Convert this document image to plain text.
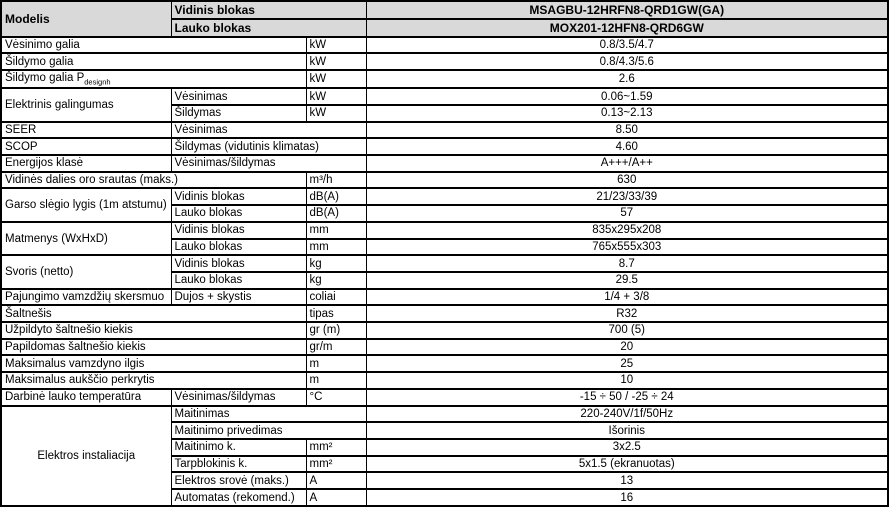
Modelis	Vidinis blokas		MSAGBU-12HRFN8-QRD1GW(GA)
	Lauko blokas		MOX201-12HFN8-QRD6GW
Vėsinimo galia		kW	0.8/3.5/4.7
Šildymo galia		kW	0.8/4.3/5.6
Šildymo galia $P_{designh}$		kW	2.6
Elektrinis galingumas	Vėsinimas	kW	0.06~1.59
	Šildymas	kW	0.13~2.13
SEER	Vėsinimas		8.50
SCOP	Šildymas (vidutinis klimatas)		4.60
Energijos klasė	Vėsinimas/šildymas		A+++/A++
Vidinės dalies oro srautas (maks.)		m³/h	630
Garso slėgio lygis (1m atstumu)	Vidinis blokas	dB(A)	21/23/33/39
	Lauko blokas	dB(A)	57
Matmenys (WxHxD)	Vidinis blokas	mm	835x295x208
	Lauko blokas	mm	765x555x303
Svoris (netto)	Vidinis blokas	kg	8.7
	Lauko blokas	kg	29.5
Pajungimo vamzdžių skersmuo	Dujos + skystis	coliai	1/4 + 3/8
Šaltnešis		tipas	R32
Užpildyto šaltnešio kiekis		gr (m)	700 (5)
Papildomas šaltnešio kiekis		gr/m	20
Maksimalus vamzdyno ilgis		m	25
Maksimalus aukščio perkrytis		m	10
Darbinė lauko temperatūra	Vėsinimas/šildymas	°C	-15 ÷ 50 / -25 ÷ 24
Elektros instaliacija	Maitinimas		220-240V/1f/50Hz
	Maitinimo privedimas		Išorinis
	Maitinimo k.	mm²	3x2.5
	Tarpblokinis k.	mm²	5x1.5 (ekranuotas)
	Elektros srovė (maks.)	A	13
	Automatas (rekomend.)	A	16
